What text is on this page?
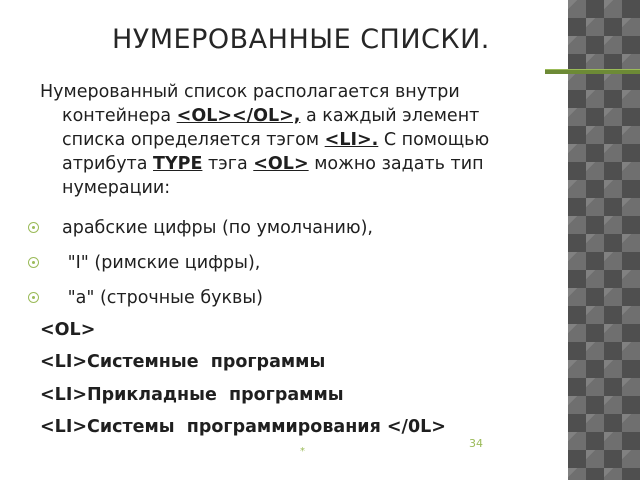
НУМЕРОВАННЫЕ СПИСКИ.
Нумерованный список располагается внутри
контейнера <OL></OL>, а каждый элемент
списка определяется тэгом <LI>. С помощью
атрибута TYPE тэга <OL> можно задать тип
нумерации:
арабские цифры (по умолчанию),
"I" (римские цифры),
"a" (строчные буквы)
<OL>
<LI>Системные  программы
<LI>Прикладные  программы
<LI>Системы  программирования </0L>
*
34
